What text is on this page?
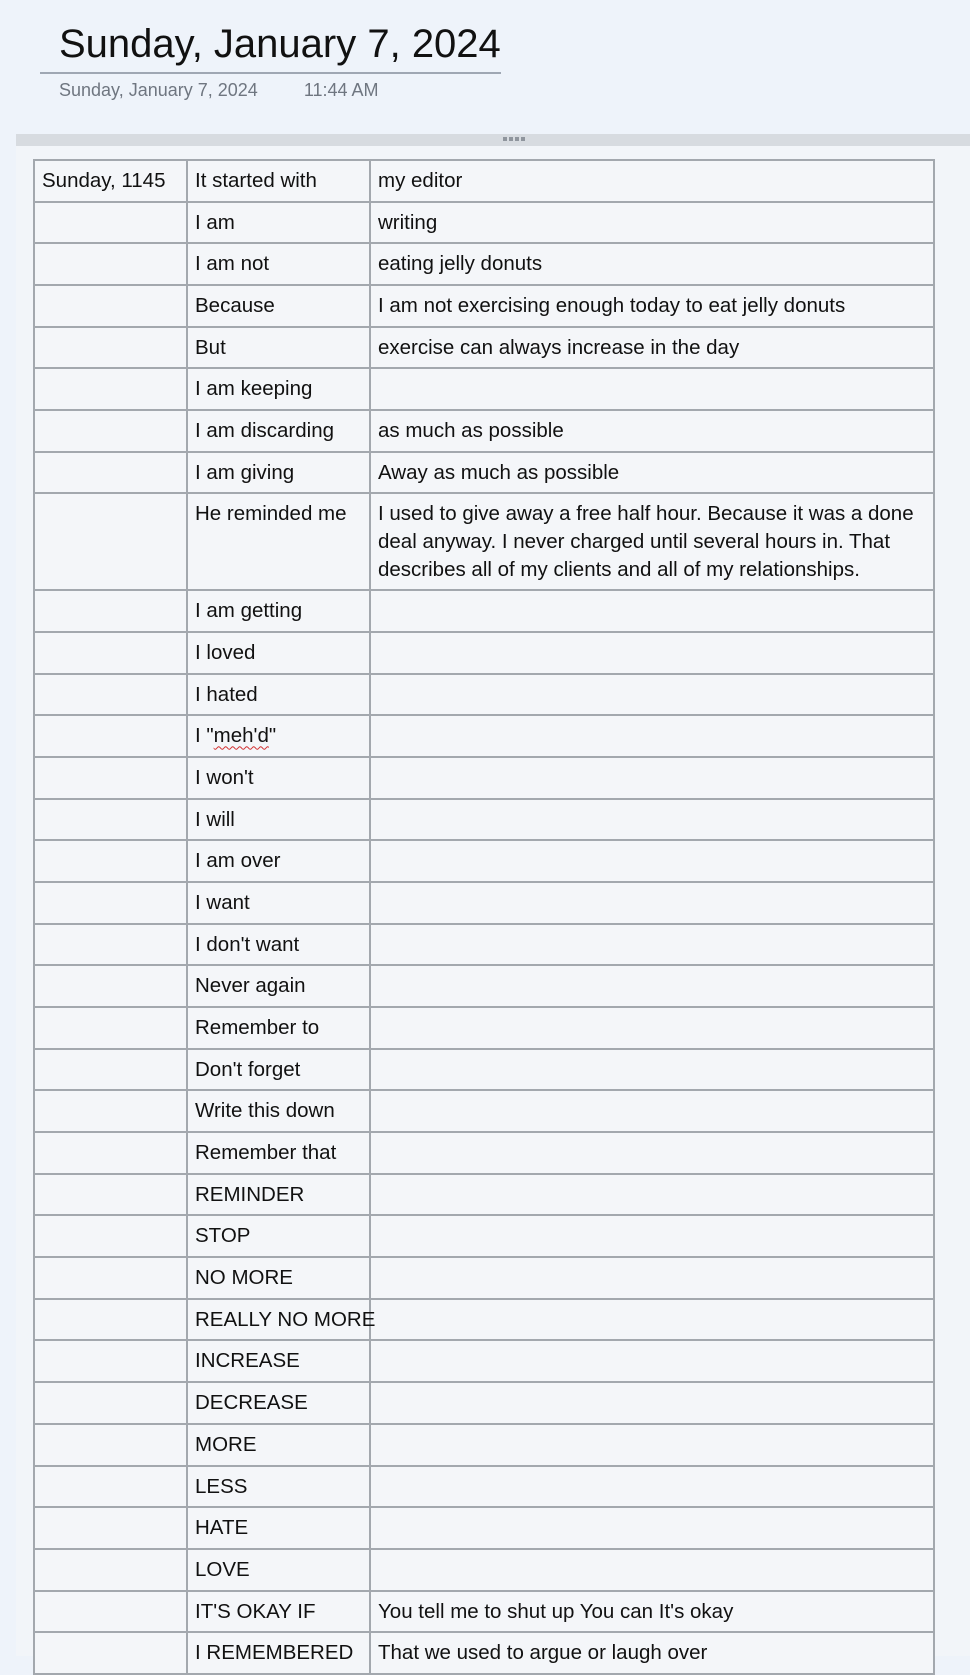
Sunday, January 7, 2024
Sunday, January 7, 2024	11:44 AM
Sunday, 1145	It started with	my editor
	I am	writing
	I am not	eating jelly donuts
	Because	I am not exercising enough today to eat jelly donuts
	But	exercise can always increase in the day
	I am keeping	
	I am discarding	as much as possible
	I am giving	Away as much as possible
	He reminded me	I used to give away a free half hour. Because it was a done deal anyway. I never charged until several hours in. That describes all of my clients and all of my relationships.
	I am getting	
	I loved	
	I hated	
	I "meh'd"	
	I won't	
	I will	
	I am over	
	I want	
	I don't want	
	Never again	
	Remember to	
	Don't forget	
	Write this down	
	Remember that	
	REMINDER	
	STOP	
	NO MORE	
	REALLY NO MORE	
	INCREASE	
	DECREASE	
	MORE	
	LESS	
	HATE	
	LOVE	
	IT'S OKAY IF	You tell me to shut up You can It's okay
	I REMEMBERED	That we used to argue or laugh over
